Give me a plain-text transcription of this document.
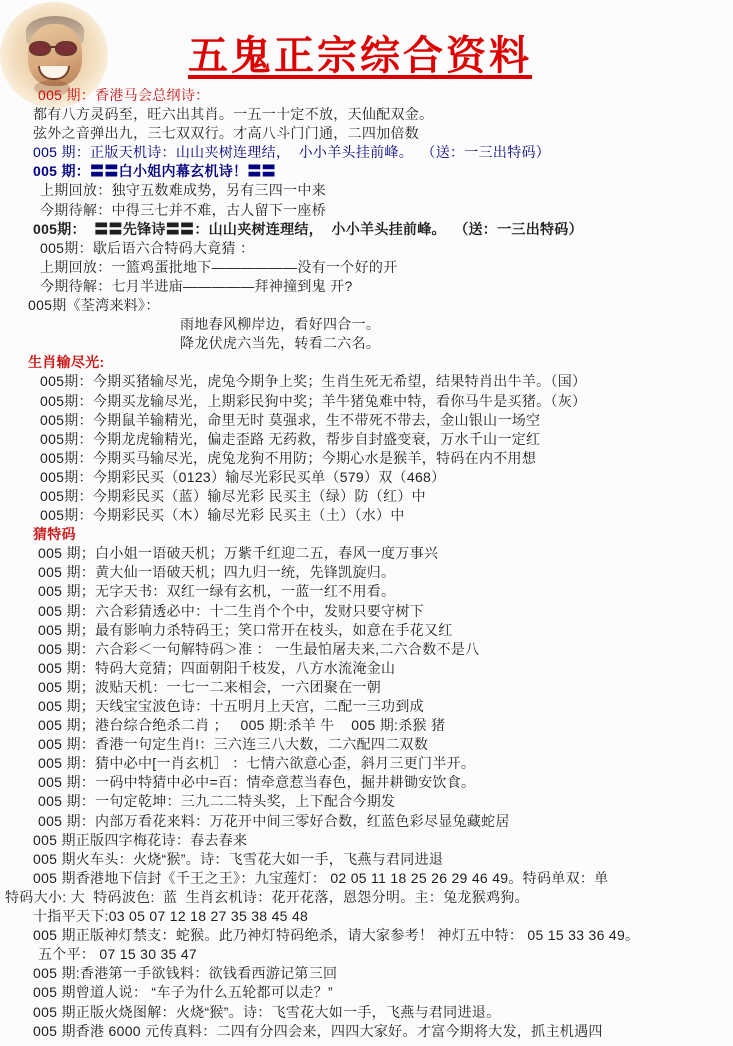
五鬼正宗综合资料
005 期：香港马会总纲诗：
都有八方灵码至，旺六出其肖。一五一十定不放，天仙配双金。
弦外之音弹出九，三七双双行。才高八斗门门通，二四加倍数
005 期：正版天机诗：山山夹树连理结，  小小羊头挂前峰。  （送：一三出特码）
005 期：〓〓白小姐内幕玄机诗！〓〓
上期回放：独守五数难成势，另有三四一中来
今期待解：中得三七并不难，古人留下一座桥
005期：  〓〓先锋诗〓〓：山山夹树连理结，  小小羊头挂前峰。  （送：一三出特码）
005期：歇后语六合特码大竟猜 ：
上期回放：一篮鸡蛋批地下——————没有一个好的开
今期待解：七月半进庙—————拜神撞到鬼 开?
005期《荃湾来料》：
雨地春风柳岸边，看好四合一。
降龙伏虎六当先，转看二六名。
生肖输尽光:
005期：今期买猪输尽光，虎兔今期争上奖；生肖生死无希望，结果特肖出牛羊。（国）
005期：今期买龙输尽光，上期彩民狗中奖；羊牛猪兔难中特，看你马牛是买猪。（灰）
005期：今期鼠羊输精光，命里无时 莫强求，生不带死不带去，金山银山一场空
005期：今期龙虎输精光，偏走歪路 无药救，帮步自封盛变衰，万水千山一定红
005期：今期买马输尽光，虎兔龙狗不用防；今期心水是猴羊，特码在内不用想
005期：今期彩民买（0123）输尽光彩民买单（579）双（468）
005期：今期彩民买（蓝）输尽光彩 民买主（绿）防（红）中
005期：今期彩民买（木）输尽光彩 民买主（土）（水）中
猜特码
005 期；白小姐一语破天机；万紫千红迎二五，春风一度万事兴
005 期：黄大仙一语破天机；四九归一统，先锋凯旋归。
005 期；无字天书：双红一绿有玄机，一蓝一红不用看。
005 期：六合彩猜透必中：十二生肖个个中，发财只要守树下
005 期；最有影响力杀特码王；笑口常开在枝头，如意在手花又红
005 期：六合彩＜一句解特码＞准 ： 一生最怕屠夫来,二六合数不是八
005 期：特码大竞猜；四面朝阳千枝发，八方水流淹金山
005 期；波贴天机：一七一二来相会，一六团聚在一朝
005 期；天线宝宝波色诗：十五明月上天宫，二配一三功到成
005 期；港台综合绝杀二肖 ；   005 期:杀羊 牛    005 期:杀猴 猪
005 期：香港一句定生肖!：三六连三八大数，二六配四二双数
005 期：猜中必中[一肖玄机］ ：七情六欲意心歪，斜月三更门半开。
005 期：一码中特猜中必中=百：情牵意惹当春色，掘井耕锄安饮食。
005 期：一句定乾坤：三九二二特头奖，上下配合今期发
005 期：内部万看花来料：万花开中间三零好合数，红蓝色彩尽显兔藏蛇居
005 期正版四字梅花诗：春去春来
005 期火车头：火烧“猴”。诗：飞雪花大如一手，飞燕与君同进退
005 期香港地下信封《千王之王》：九宝莲灯： 02 05 11 18 25 26 29 46 49。特码单双：单
特码大小: 大  特码波色:  蓝  生肖玄机诗：花开花落，恩怨分明。主：兔龙猴鸡狗。
十指平天下:03 05 07 12 18 27 35 38 45 48
005 期正版神灯禁支：蛇猴。此乃神灯特码绝杀，请大家参考！ 神灯五中特： 05 15 33 36 49。
五个平： 07 15 30 35 47
005 期:香港第一手欲钱料：欲钱看西游记第三回
005 期曾道人说： “车子为什么五轮都可以走？”
005 期正版火烧图解：火烧“猴”。诗：飞雪花大如一手，飞燕与君同进退。
005 期香港 6000 元传真料：二四有分四会来，四四大家好。才富今期将大发，抓主机遇四
